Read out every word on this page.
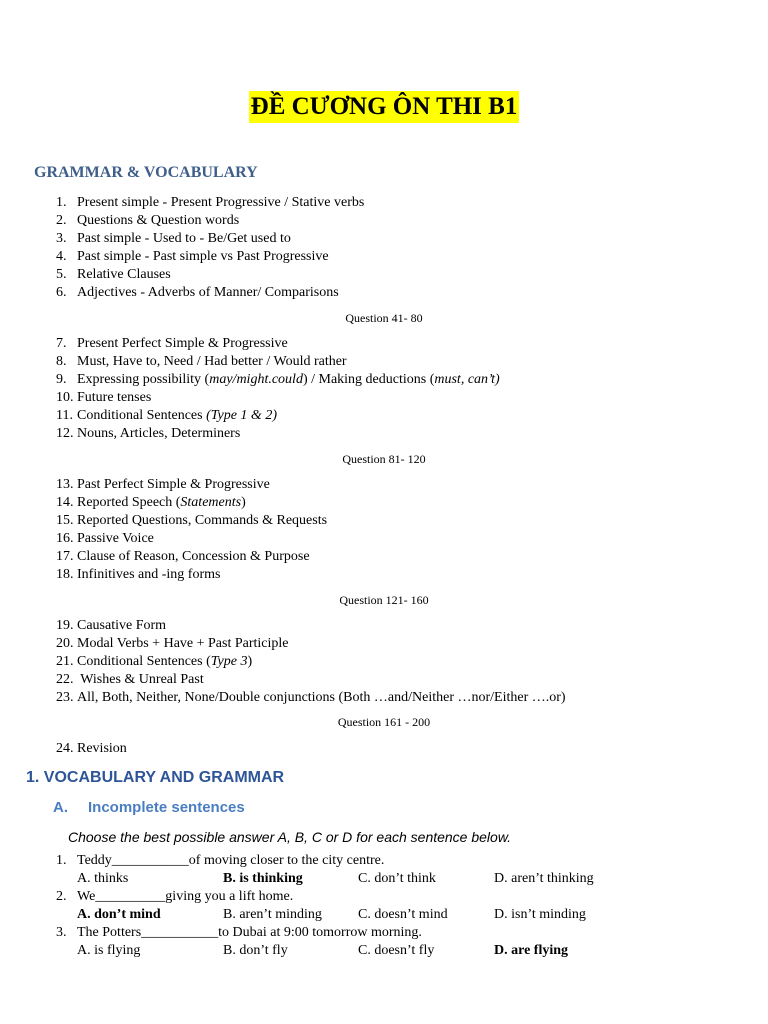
ĐỀ CƯƠNG ÔN THI B1
GRAMMAR & VOCABULARY
1. Present simple - Present Progressive / Stative verbs
2. Questions & Question words
3. Past simple - Used to - Be/Get used to
4. Past simple - Past simple vs Past Progressive
5. Relative Clauses
6. Adjectives - Adverbs of Manner/ Comparisons
7. Present Perfect Simple & Progressive
8. Must, Have to, Need / Had better / Would rather
9. Expressing possibility (may/might.could) / Making deductions (must, can’t)
10. Future tenses
11. Conditional Sentences (Type 1 & 2)
12. Nouns, Articles, Determiners
13. Past Perfect Simple & Progressive
14. Reported Speech (Statements)
15. Reported Questions, Commands & Requests
16. Passive Voice
17. Clause of Reason, Concession & Purpose
18. Infinitives and -ing forms
19. Causative Form
20. Modal Verbs + Have + Past Participle
21. Conditional Sentences (Type 3)
22. Wishes & Unreal Past
23. All, Both, Neither, None/Double conjunctions (Both …and/Neither …nor/Either ….or)
24. Revision
Question 41- 80
Question 81- 120
Question 121- 160
Question 161 - 200
1. VOCABULARY AND GRAMMAR
A. Incomplete sentences
Choose the best possible answer A, B, C or D for each sentence below.
1. Teddy___________of moving closer to the city centre.
A. thinks	B. is thinking	C. don’t think	D. aren’t thinking
2. We__________giving you a lift home.
A. don’t mind	B. aren’t minding	C. doesn’t mind	D. isn’t minding
3. The Potters___________to Dubai at 9:00 tomorrow morning.
A. is flying	B. don’t fly	C. doesn’t fly	D. are flying
